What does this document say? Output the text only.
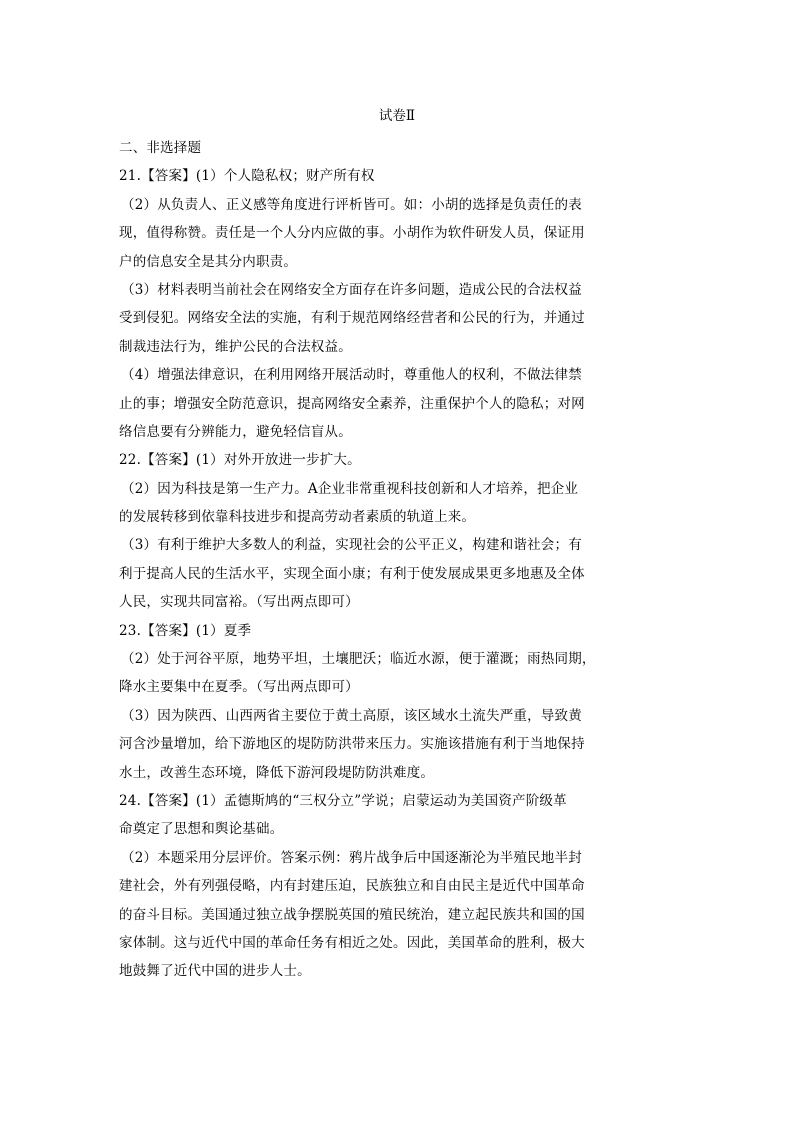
试卷Ⅱ
二、非选择题
21.【答案】(1）个人隐私权；财产所有权
（2）从负责人、正义感等角度进行评析皆可。如：小胡的选择是负责任的表
现，值得称赞。责任是一个人分内应做的事。小胡作为软件研发人员，保证用
户的信息安全是其分内职责。
（3）材料表明当前社会在网络安全方面存在许多问题，造成公民的合法权益
受到侵犯。网络安全法的实施，有利于规范网络经营者和公民的行为，并通过
制裁违法行为，维护公民的合法权益。
（4）增强法律意识，在利用网络开展活动时，尊重他人的权利，不做法律禁
止的事；增强安全防范意识，提高网络安全素养，注重保护个人的隐私；对网
络信息要有分辨能力，避免轻信盲从。
22.【答案】(1）对外开放进一步扩大。
（2）因为科技是第一生产力。A企业非常重视科技创新和人才培养，把企业
的发展转移到依靠科技进步和提高劳动者素质的轨道上来。
（3）有利于维护大多数人的利益，实现社会的公平正义，构建和谐社会；有
利于提高人民的生活水平，实现全面小康；有利于使发展成果更多地惠及全体
人民，实现共同富裕。（写出两点即可）
23.【答案】(1）夏季
（2）处于河谷平原，地势平坦，土壤肥沃；临近水源，便于灌溉；雨热同期，
降水主要集中在夏季。（写出两点即可）
（3）因为陕西、山西两省主要位于黄土高原，该区域水土流失严重，导致黄
河含沙量增加，给下游地区的堤防防洪带来压力。实施该措施有利于当地保持
水土，改善生态环境，降低下游河段堤防防洪难度。
24.【答案】(1）孟德斯鸠的“三权分立”学说；启蒙运动为美国资产阶级革
命奠定了思想和舆论基础。
（2）本题采用分层评价。答案示例：鸦片战争后中国逐渐沦为半殖民地半封
建社会，外有列强侵略，内有封建压迫，民族独立和自由民主是近代中国革命
的奋斗目标。美国通过独立战争摆脱英国的殖民统治，建立起民族共和国的国
家体制。这与近代中国的革命任务有相近之处。因此，美国革命的胜利，极大
地鼓舞了近代中国的进步人士。
